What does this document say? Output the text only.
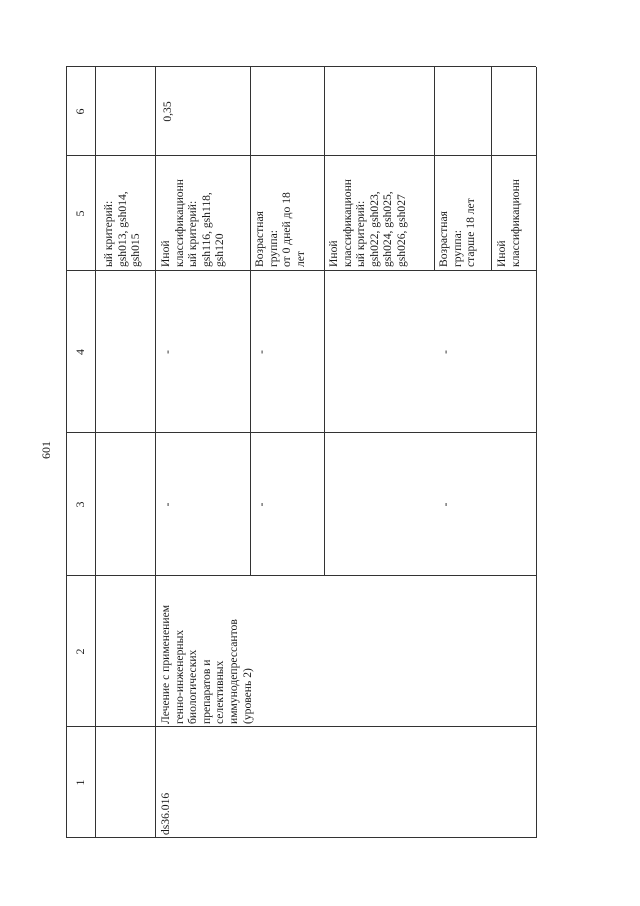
601
1
2
3
4
5
6
ый критерий:
gsh013, gsh014,
gsh015
ds36.016
Лечение с применением
генно-инженерных
биологических
препаратов и
селективных
иммунодепрессантов
(уровень 2)
0,35
-
-
Иной
классификационн
ый критерий:
gsh116, gsh118,
gsh120
-
-
Возрастная
группа:
от 0 дней до 18
лет Иной
классификационн
ый критерий:
gsh022, gsh023,
gsh024, gsh025,
gsh026, gsh027
-
-
Возрастная
группа:
старше 18 лет
Иной
классификационн
